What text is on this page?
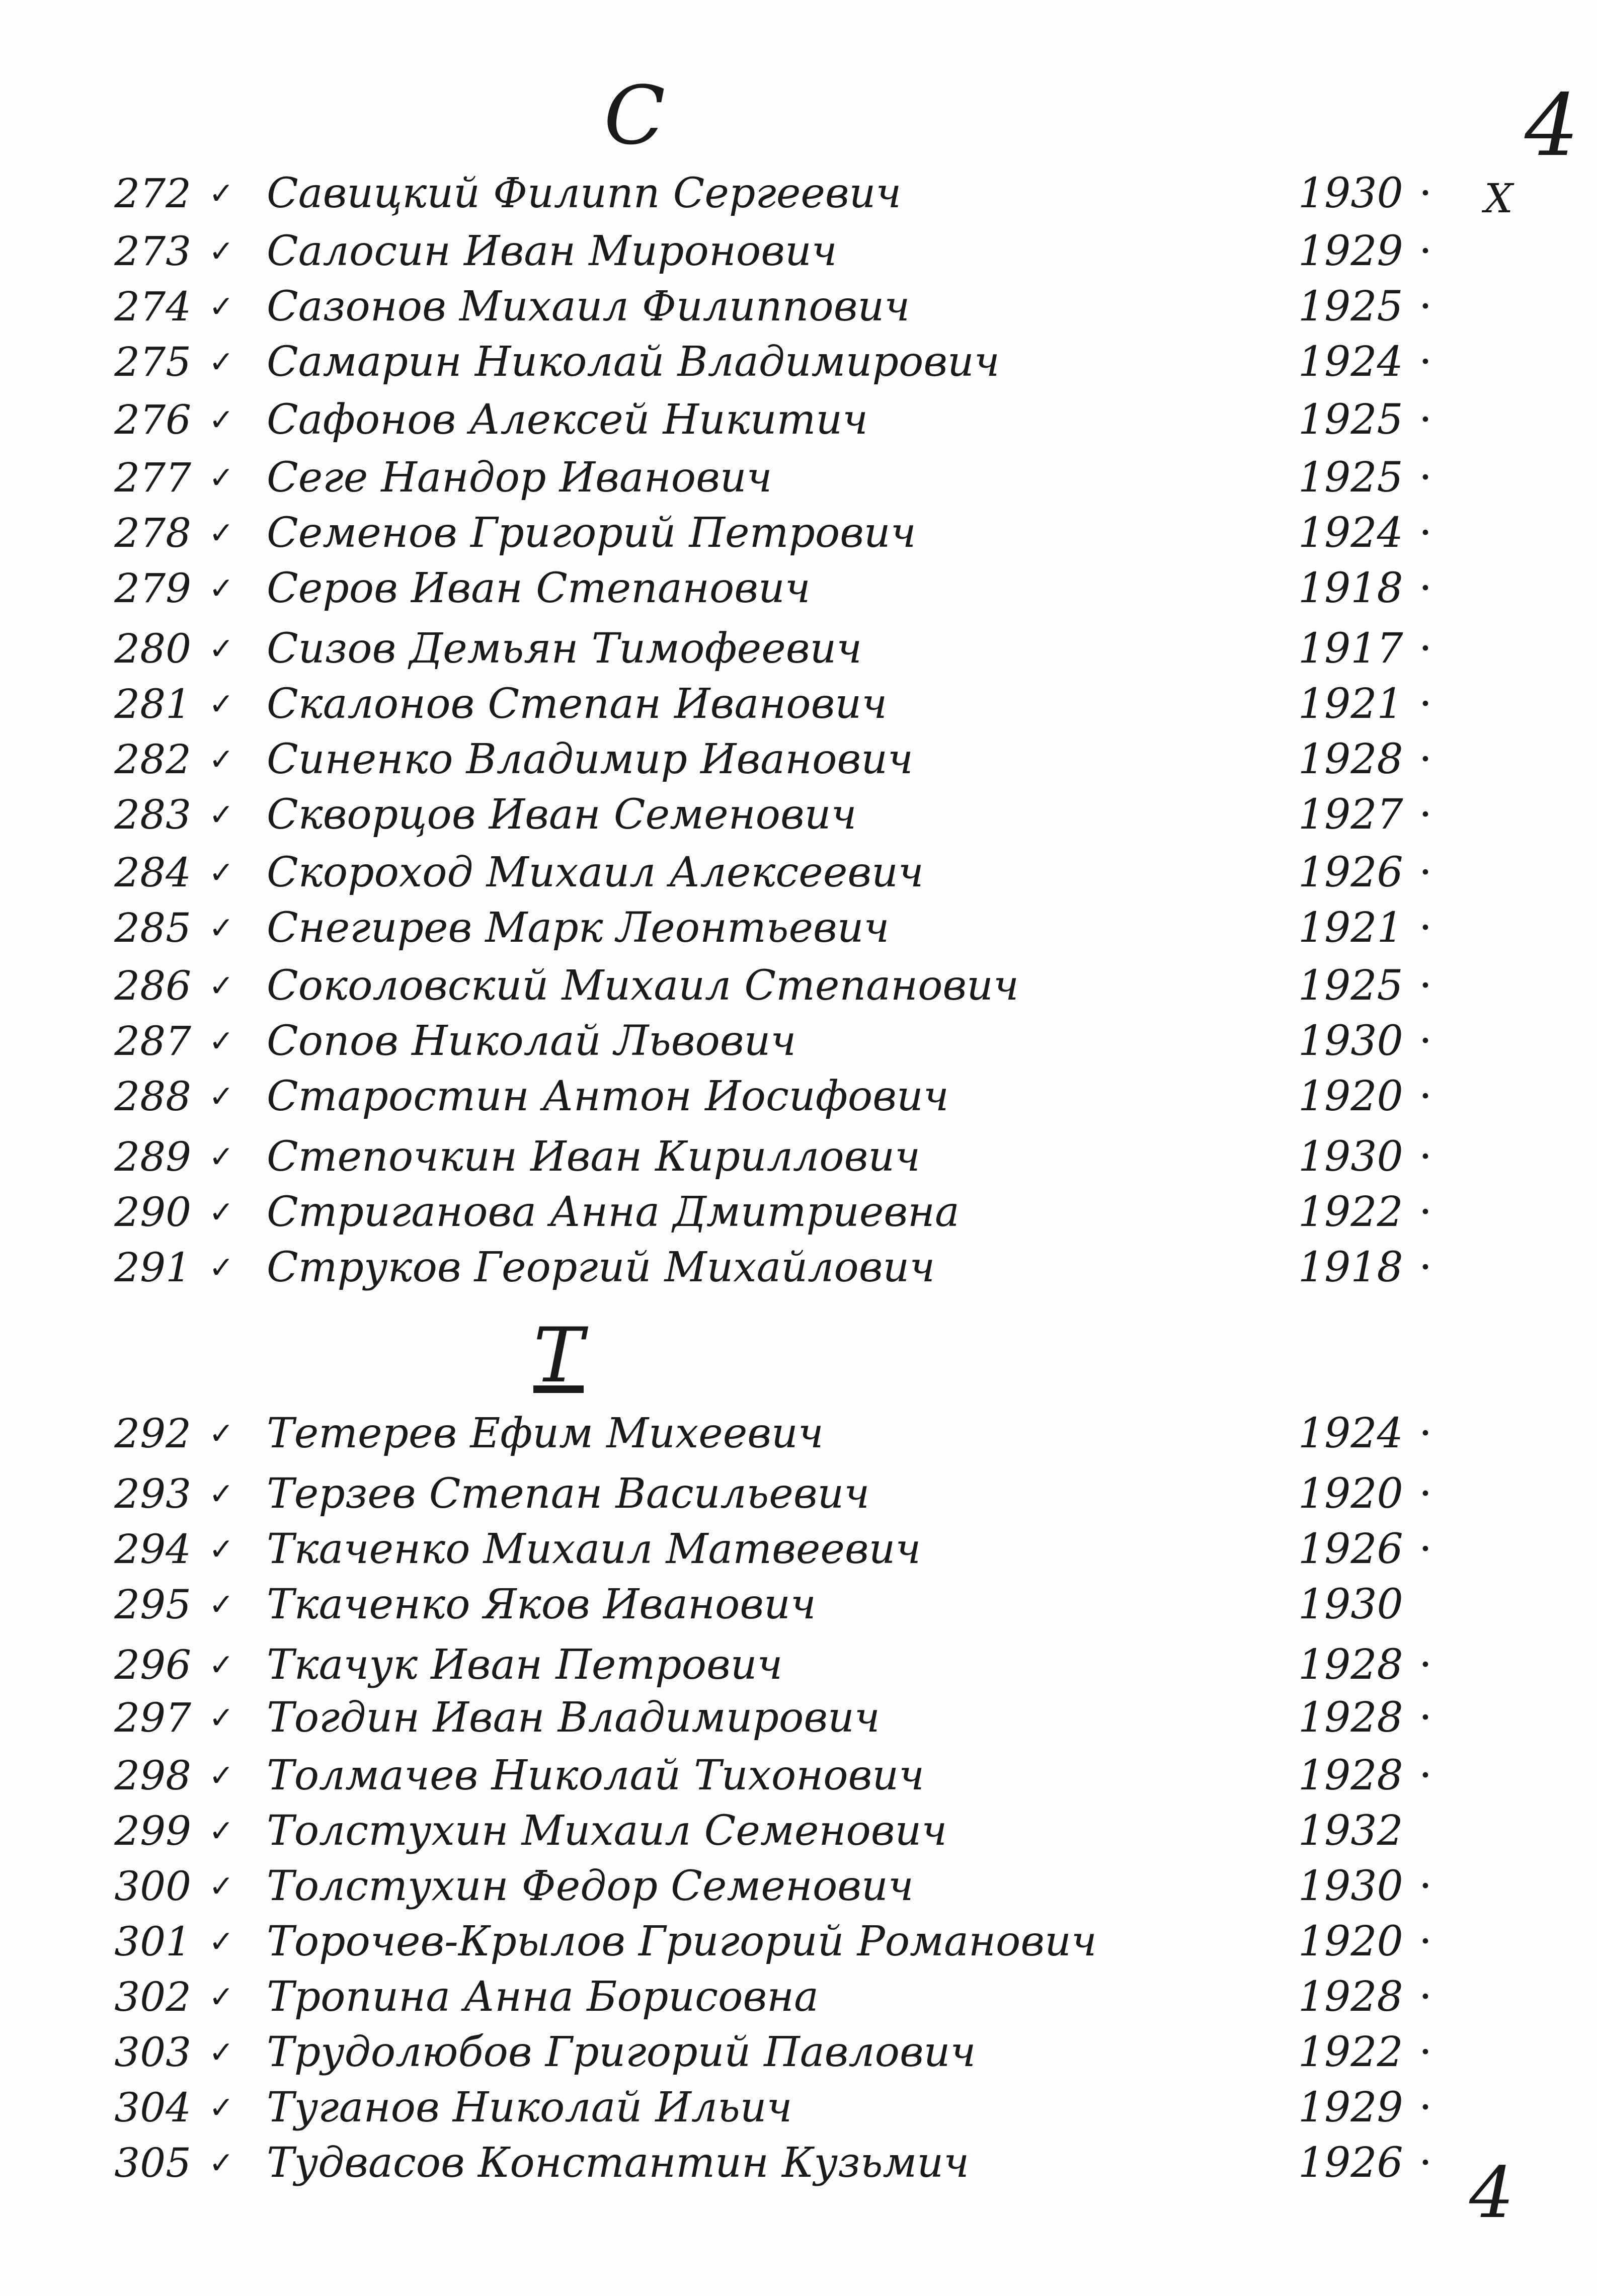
С	4
Х
Т
4
272 ✓ Савицкий Филипп Сергеевич	1930 ·
273 ✓ Салосин Иван Миронович	1929 ·
274 ✓ Сазонов Михаил Филиппович	1925 ·
275 ✓ Самарин Николай Владимирович	1924 ·
276 ✓ Сафонов Алексей Никитич	1925 ·
277 ✓ Сеге Нандор Иванович	1925 ·
278 ✓ Семенов Григорий Петрович	1924 ·
279 ✓ Серов Иван Степанович	1918 ·
280 ✓ Сизов Демьян Тимофеевич	1917 ·
281 ✓ Скалонов Степан Иванович	1921 ·
282 ✓ Синенко Владимир Иванович	1928 ·
283 ✓ Скворцов Иван Семенович	1927 ·
284 ✓ Скороход Михаил Алексеевич	1926 ·
285 ✓ Снегирев Марк Леонтьевич	1921 ·
286 ✓ Соколовский Михаил Степанович	1925 ·
287 ✓ Сопов Николай Львович	1930 ·
288 ✓ Старостин Антон Иосифович	1920 ·
289 ✓ Степочкин Иван Кириллович	1930 ·
290 ✓ Стриганова Анна Дмитриевна	1922 ·
291 ✓ Струков Георгий Михайлович	1918 ·
292 ✓ Тетерев Ефим Михеевич	1924 ·
293 ✓ Терзев Степан Васильевич	1920 ·
294 ✓ Ткаченко Михаил Матвеевич	1926 ·
295 ✓ Ткаченко Яков Иванович	1930
296 ✓ Ткачук Иван Петрович	1928 ·
297 ✓ Тогдин Иван Владимирович	1928 ·
298 ✓ Толмачев Николай Тихонович	1928 ·
299 ✓ Толстухин Михаил Семенович	1932
300 ✓ Толстухин Федор Семенович	1930 ·
301 ✓ Торочев-Крылов Григорий Романович	1920 ·
302 ✓ Тропина Анна Борисовна	1928 ·
303 ✓ Трудолюбов Григорий Павлович	1922 ·
304 ✓ Туганов Николай Ильич	1929 ·
305 ✓ Тудвасов Константин Кузьмич	1926 ·
